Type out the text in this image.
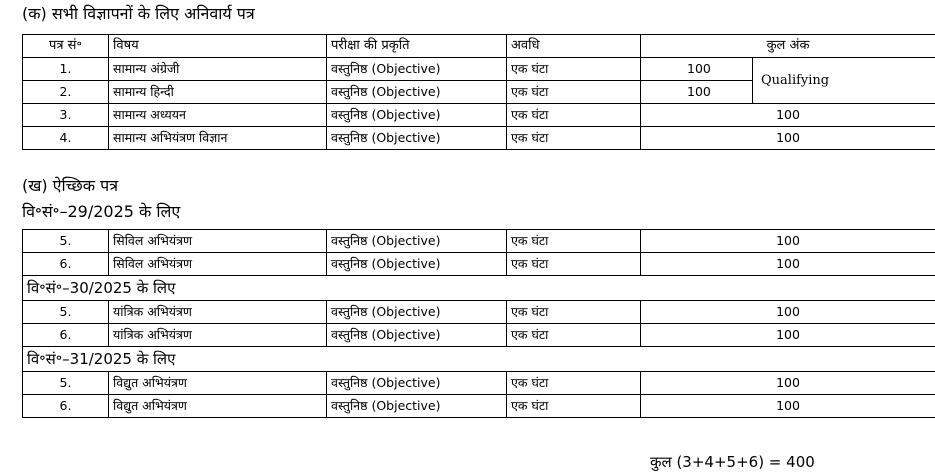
(क) सभी विज्ञापनों के लिए अनिवार्य पत्र
पत्र सं॰	विषय	परीक्षा की प्रकृति	अवधि	कुल अंक	
1.	सामान्य अंग्रेजी	वस्तुनिष्ठ (Objective)	एक घंटा	100	Qualifying
2.	सामान्य हिन्दी	वस्तुनिष्ठ (Objective)	एक घंटा	100	
3.	सामान्य अध्ययन	वस्तुनिष्ठ (Objective)	एक घंटा	100	
4.	सामान्य अभियंत्रण विज्ञान	वस्तुनिष्ठ (Objective)	एक घंटा	100	
(ख) ऐच्छिक पत्र
वि॰सं॰–29/2025 के लिए
5.	सिविल अभियंत्रण	वस्तुनिष्ठ (Objective)	एक घंटा	100
6.	सिविल अभियंत्रण	वस्तुनिष्ठ (Objective)	एक घंटा	100
वि॰सं॰–30/2025 के लिए				
5.	यांत्रिक अभियंत्रण	वस्तुनिष्ठ (Objective)	एक घंटा	100
6.	यांत्रिक अभियंत्रण	वस्तुनिष्ठ (Objective)	एक घंटा	100
वि॰सं॰–31/2025 के लिए				
5.	विद्युत अभियंत्रण	वस्तुनिष्ठ (Objective)	एक घंटा	100
6.	विद्युत अभियंत्रण	वस्तुनिष्ठ (Objective)	एक घंटा	100
कुल (3+4+5+6) = 400
